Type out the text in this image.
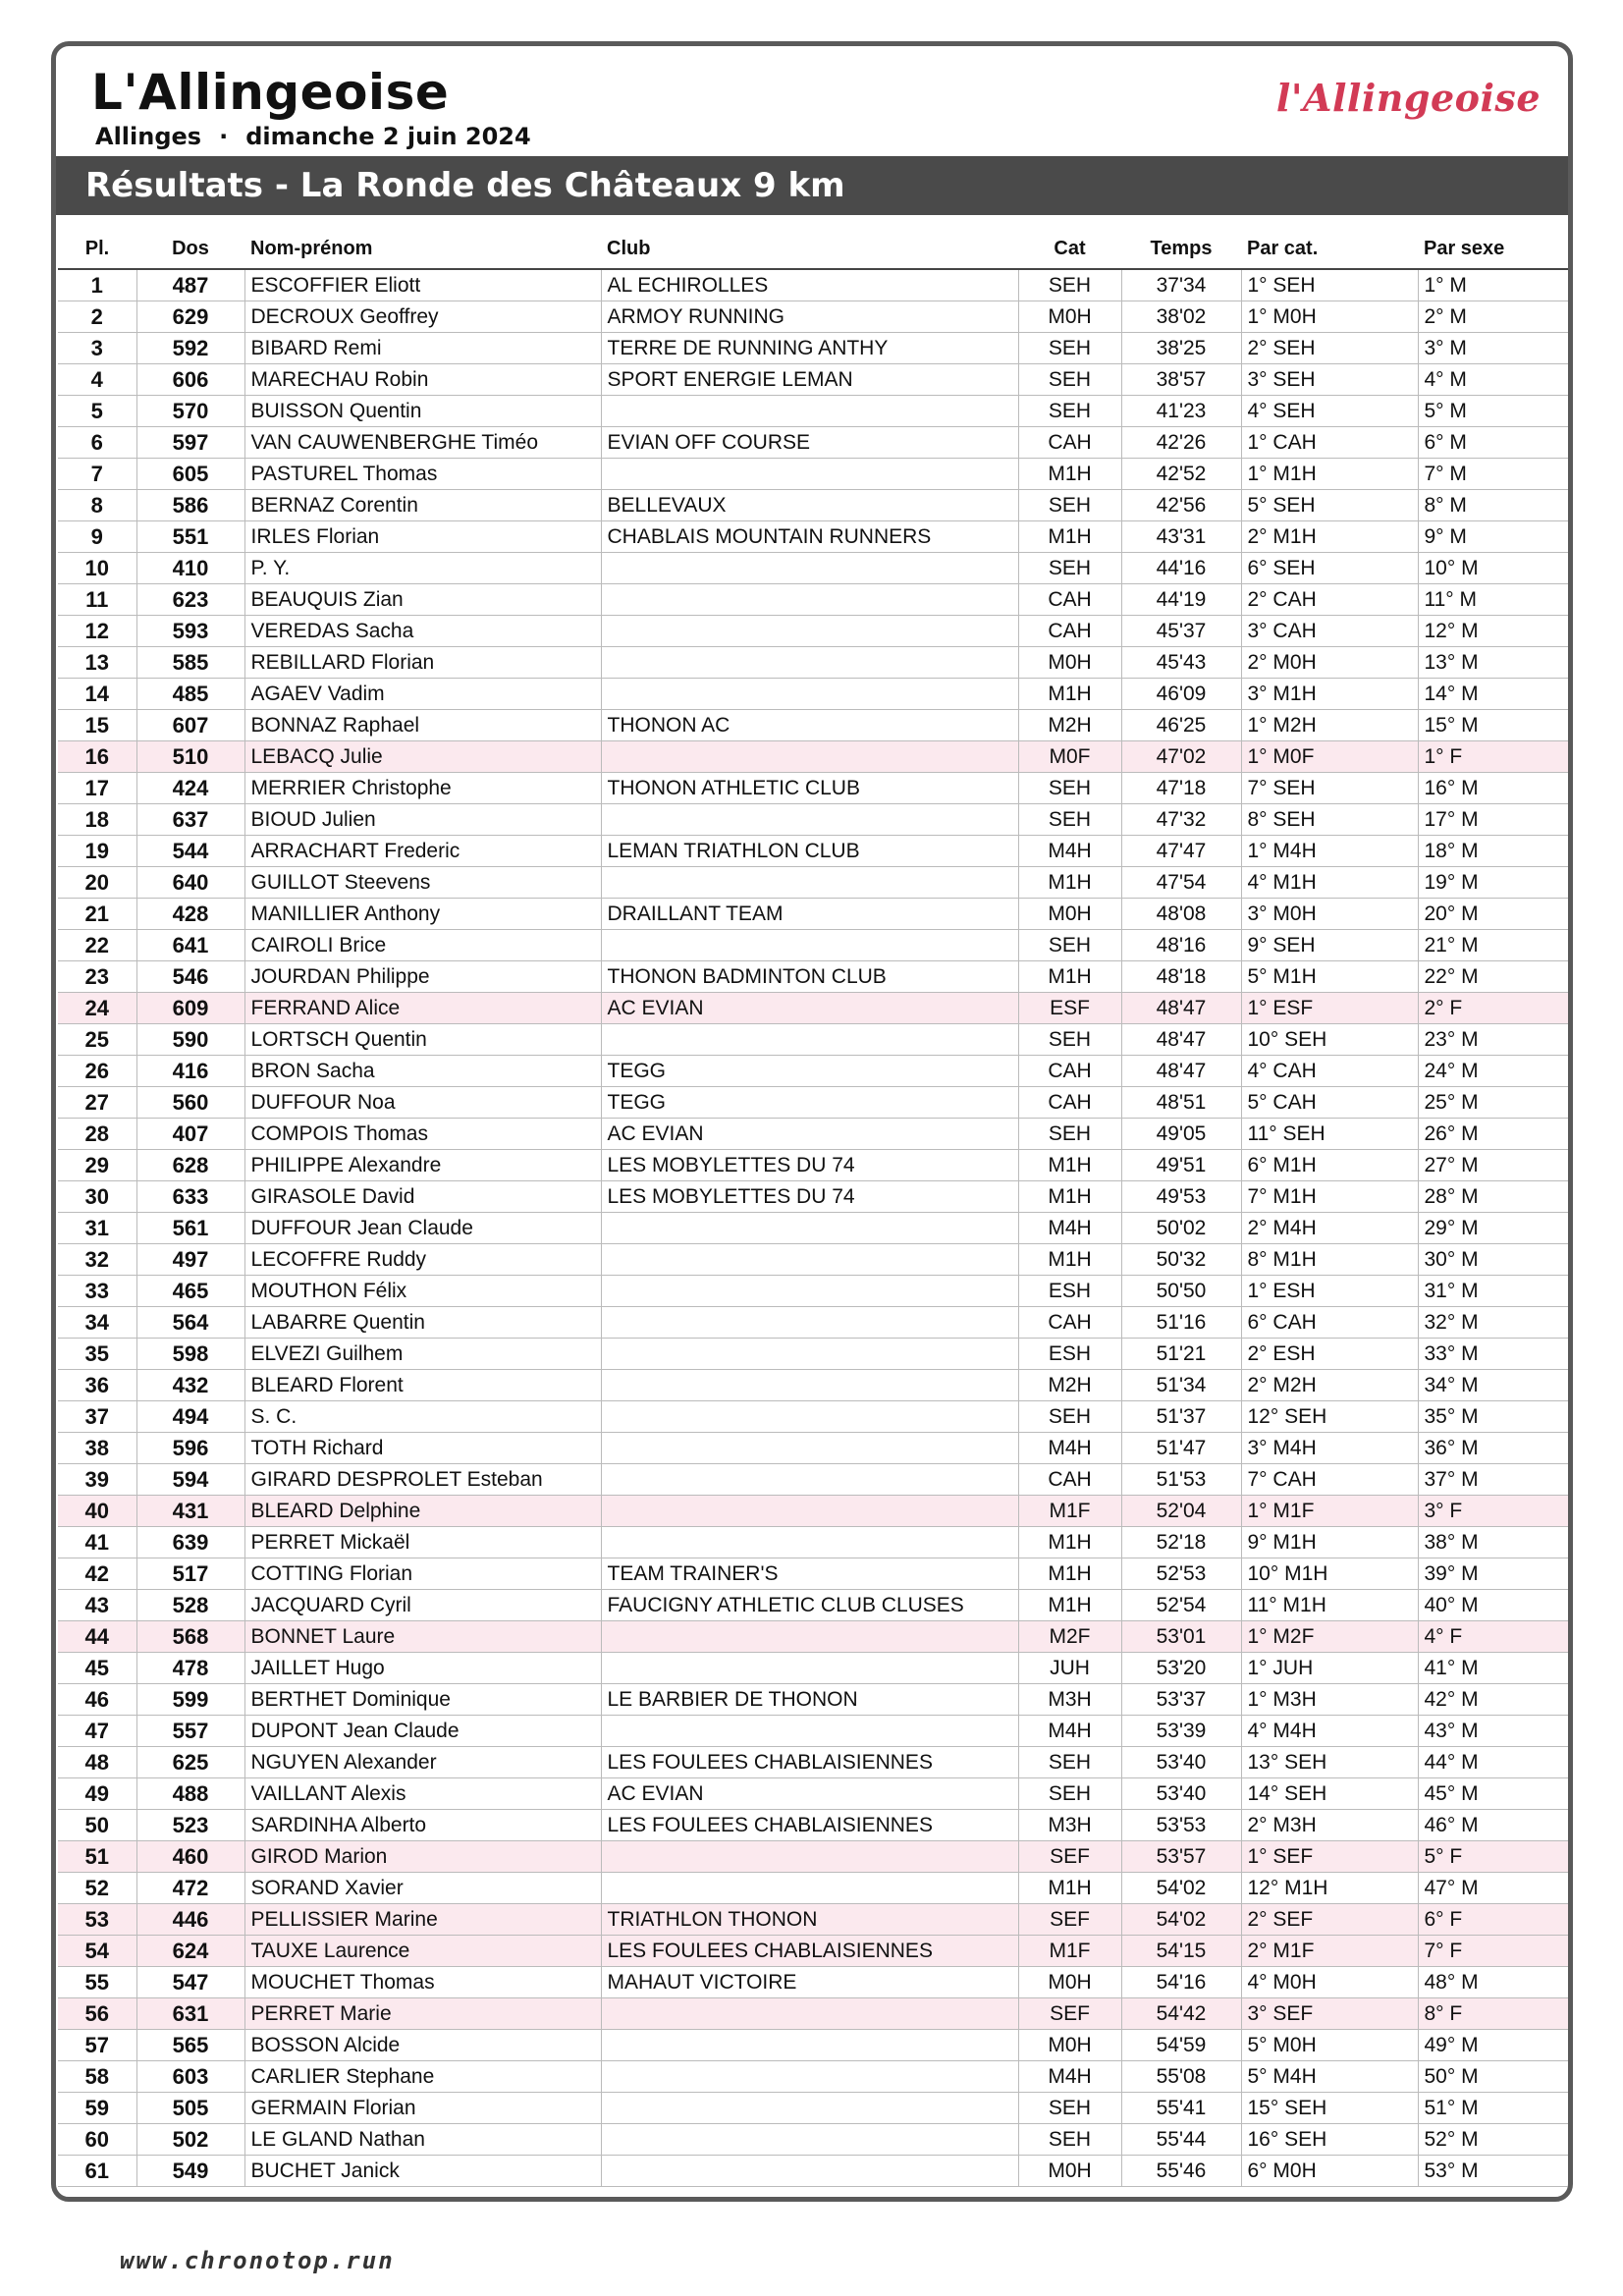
L'Allingeoise
Allinges · dimanche 2 juin 2024
l'Allingeoise
Résultats - La Ronde des Châteaux 9 km
Pl.	Dos	Nom-prénom	Club	Cat	Temps	Par cat.	Par sexe
1	487	ESCOFFIER Eliott	AL ECHIROLLES	SEH	37'34	1° SEH	1° M
2	629	DECROUX Geoffrey	ARMOY RUNNING	M0H	38'02	1° M0H	2° M
3	592	BIBARD Remi	TERRE DE RUNNING ANTHY	SEH	38'25	2° SEH	3° M
4	606	MARECHAU Robin	SPORT ENERGIE LEMAN	SEH	38'57	3° SEH	4° M
5	570	BUISSON Quentin		SEH	41'23	4° SEH	5° M
6	597	VAN CAUWENBERGHE Timéo	EVIAN OFF COURSE	CAH	42'26	1° CAH	6° M
7	605	PASTUREL Thomas		M1H	42'52	1° M1H	7° M
8	586	BERNAZ Corentin	BELLEVAUX	SEH	42'56	5° SEH	8° M
9	551	IRLES Florian	CHABLAIS MOUNTAIN RUNNERS	M1H	43'31	2° M1H	9° M
10	410	P. Y.		SEH	44'16	6° SEH	10° M
11	623	BEAUQUIS Zian		CAH	44'19	2° CAH	11° M
12	593	VEREDAS Sacha		CAH	45'37	3° CAH	12° M
13	585	REBILLARD Florian		M0H	45'43	2° M0H	13° M
14	485	AGAEV Vadim		M1H	46'09	3° M1H	14° M
15	607	BONNAZ Raphael	THONON AC	M2H	46'25	1° M2H	15° M
16	510	LEBACQ Julie		M0F	47'02	1° M0F	1° F
17	424	MERRIER Christophe	THONON ATHLETIC CLUB	SEH	47'18	7° SEH	16° M
18	637	BIOUD Julien		SEH	47'32	8° SEH	17° M
19	544	ARRACHART Frederic	LEMAN TRIATHLON CLUB	M4H	47'47	1° M4H	18° M
20	640	GUILLOT Steevens		M1H	47'54	4° M1H	19° M
21	428	MANILLIER Anthony	DRAILLANT TEAM	M0H	48'08	3° M0H	20° M
22	641	CAIROLI Brice		SEH	48'16	9° SEH	21° M
23	546	JOURDAN Philippe	THONON BADMINTON CLUB	M1H	48'18	5° M1H	22° M
24	609	FERRAND Alice	AC EVIAN	ESF	48'47	1° ESF	2° F
25	590	LORTSCH Quentin		SEH	48'47	10° SEH	23° M
26	416	BRON Sacha	TEGG	CAH	48'47	4° CAH	24° M
27	560	DUFFOUR Noa	TEGG	CAH	48'51	5° CAH	25° M
28	407	COMPOIS Thomas	AC EVIAN	SEH	49'05	11° SEH	26° M
29	628	PHILIPPE Alexandre	LES MOBYLETTES DU 74	M1H	49'51	6° M1H	27° M
30	633	GIRASOLE David	LES MOBYLETTES DU 74	M1H	49'53	7° M1H	28° M
31	561	DUFFOUR Jean Claude		M4H	50'02	2° M4H	29° M
32	497	LECOFFRE Ruddy		M1H	50'32	8° M1H	30° M
33	465	MOUTHON Félix		ESH	50'50	1° ESH	31° M
34	564	LABARRE Quentin		CAH	51'16	6° CAH	32° M
35	598	ELVEZI Guilhem		ESH	51'21	2° ESH	33° M
36	432	BLEARD Florent		M2H	51'34	2° M2H	34° M
37	494	S. C.		SEH	51'37	12° SEH	35° M
38	596	TOTH Richard		M4H	51'47	3° M4H	36° M
39	594	GIRARD DESPROLET Esteban		CAH	51'53	7° CAH	37° M
40	431	BLEARD Delphine		M1F	52'04	1° M1F	3° F
41	639	PERRET Mickaël		M1H	52'18	9° M1H	38° M
42	517	COTTING Florian	TEAM TRAINER'S	M1H	52'53	10° M1H	39° M
43	528	JACQUARD Cyril	FAUCIGNY ATHLETIC CLUB CLUSES	M1H	52'54	11° M1H	40° M
44	568	BONNET Laure		M2F	53'01	1° M2F	4° F
45	478	JAILLET Hugo		JUH	53'20	1° JUH	41° M
46	599	BERTHET Dominique	LE BARBIER DE THONON	M3H	53'37	1° M3H	42° M
47	557	DUPONT Jean Claude		M4H	53'39	4° M4H	43° M
48	625	NGUYEN Alexander	LES FOULEES CHABLAISIENNES	SEH	53'40	13° SEH	44° M
49	488	VAILLANT Alexis	AC EVIAN	SEH	53'40	14° SEH	45° M
50	523	SARDINHA Alberto	LES FOULEES CHABLAISIENNES	M3H	53'53	2° M3H	46° M
51	460	GIROD Marion		SEF	53'57	1° SEF	5° F
52	472	SORAND Xavier		M1H	54'02	12° M1H	47° M
53	446	PELLISSIER Marine	TRIATHLON THONON	SEF	54'02	2° SEF	6° F
54	624	TAUXE Laurence	LES FOULEES CHABLAISIENNES	M1F	54'15	2° M1F	7° F
55	547	MOUCHET Thomas	MAHAUT VICTOIRE	M0H	54'16	4° M0H	48° M
56	631	PERRET Marie		SEF	54'42	3° SEF	8° F
57	565	BOSSON Alcide		M0H	54'59	5° M0H	49° M
58	603	CARLIER Stephane		M4H	55'08	5° M4H	50° M
59	505	GERMAIN Florian		SEH	55'41	15° SEH	51° M
60	502	LE GLAND Nathan		SEH	55'44	16° SEH	52° M
61	549	BUCHET Janick		M0H	55'46	6° M0H	53° M
www.chronotop.run
